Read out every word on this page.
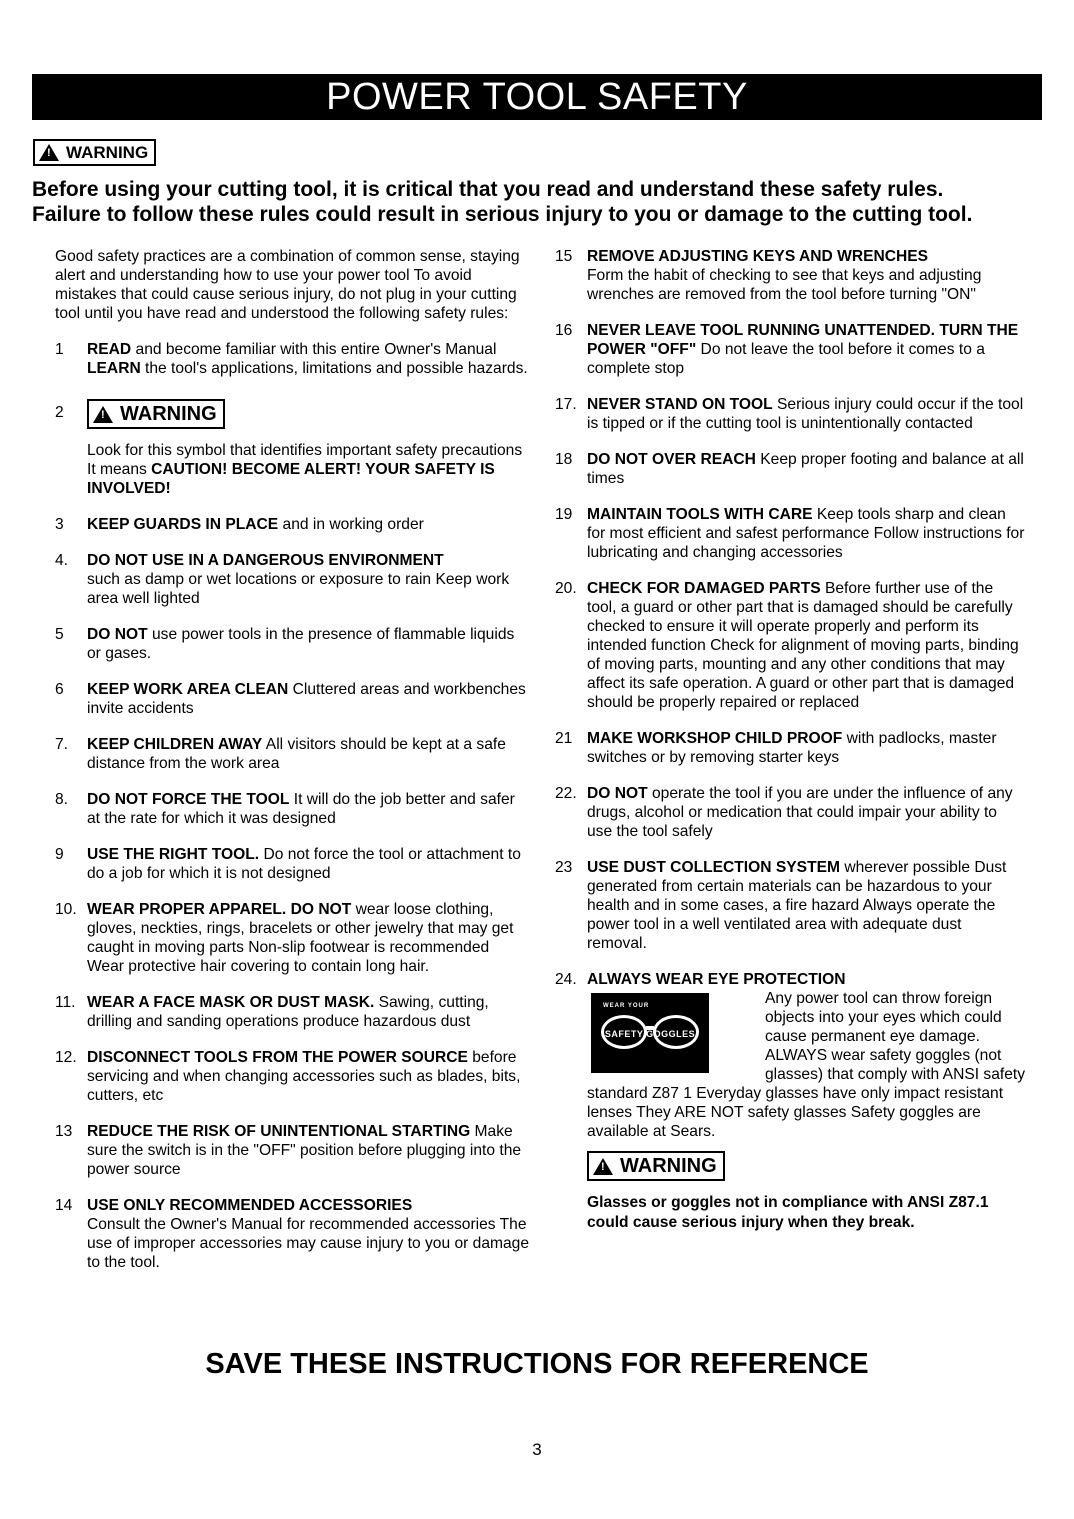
POWER TOOL SAFETY
!
WARNING
Before using your cutting tool, it is critical that you read and understand these safety rules.
Failure to follow these rules could result in serious injury to you or damage to the cutting tool.

Good safety practices are a combination of common sense, staying alert and understanding how to use your power tool To avoid mistakes that could cause serious injury, do not plug in your cutting tool until you have read and understood the following safety rules:

1	READ and become familiar with this entire Owner's Manual LEARN the tool's applications, limitations and possible hazards.
2
!	WARNING
Look for this symbol that identifies important safety precautions It means CAUTION! BECOME ALERT! YOUR SAFETY IS INVOLVED!
3	KEEP GUARDS IN PLACE and in working order
4.	DO NOT USE IN A DANGEROUS ENVIRONMENT
such as damp or wet locations or exposure to rain Keep work area well lighted
5	DO NOT use power tools in the presence of flammable liquids or gases.
6	KEEP WORK AREA CLEAN Cluttered areas and workbenches invite accidents
7.	KEEP CHILDREN AWAY All visitors should be kept at a safe distance from the work area
8.	DO NOT FORCE THE TOOL It will do the job better and safer at the rate for which it was designed
9	USE THE RIGHT TOOL. Do not force the tool or attachment to do a job for which it is not designed
10. WEAR PROPER APPAREL. DO NOT wear loose clothing, gloves, neckties, rings, bracelets or other jewelry that may get caught in moving parts Non-slip footwear is recommended Wear protective hair covering to contain long hair.
11. WEAR A FACE MASK OR DUST MASK. Sawing, cutting, drilling and sanding operations produce hazardous dust
12. DISCONNECT TOOLS FROM THE POWER SOURCE before servicing and when changing accessories such as blades, bits, cutters, etc
13 REDUCE THE RISK OF UNINTENTIONAL STARTING Make sure the switch is in the "OFF" position before plugging into the power source
14 USE ONLY RECOMMENDED ACCESSORIES
Consult the Owner's Manual for recommended accessories The use of improper accessories may cause injury to you or damage to the tool.
15 REMOVE ADJUSTING KEYS AND WRENCHES
Form the habit of checking to see that keys and adjusting wrenches are removed from the tool before turning "ON"
16 NEVER LEAVE TOOL RUNNING UNATTENDED. TURN THE POWER "OFF" Do not leave the tool before it comes to a complete stop
17. NEVER STAND ON TOOL Serious injury could occur if the tool is tipped or if the cutting tool is unintentionally contacted
18 DO NOT OVER REACH Keep proper footing and balance at all times
19 MAINTAIN TOOLS WITH CARE Keep tools sharp and clean for most efficient and safest performance Follow instructions for lubricating and changing accessories
20. CHECK FOR DAMAGED PARTS Before further use of the tool, a guard or other part that is damaged should be carefully checked to ensure it will operate properly and perform its intended function Check for alignment of moving parts, binding of moving parts, mounting and any other conditions that may affect its safe operation. A guard or other part that is damaged should be properly repaired or replaced
21 MAKE WORKSHOP CHILD PROOF with padlocks, master switches or by removing starter keys
22. DO NOT operate the tool if you are under the influence of any drugs, alcohol or medication that could impair your ability to use the tool safely
23 USE DUST COLLECTION SYSTEM wherever possible Dust generated from certain materials can be hazardous to your health and in some cases, a fire hazard Always operate the power tool in a well ventilated area with adequate dust removal.
24. ALWAYS WEAR EYE PROTECTION
WEAR YOUR
SAFETY GOGGLES
Any power tool can throw foreign objects into your eyes which could cause permanent eye damage. ALWAYS wear safety goggles (not glasses) that comply with ANSI safety standard Z87 1 Everyday glasses have only impact resistant lenses They ARE NOT safety glasses Safety goggles are available at Sears.
!
WARNING
Glasses or goggles not in compliance with ANSI Z87.1 could cause serious injury when they break.
SAVE THESE INSTRUCTIONS FOR REFERENCE
3
